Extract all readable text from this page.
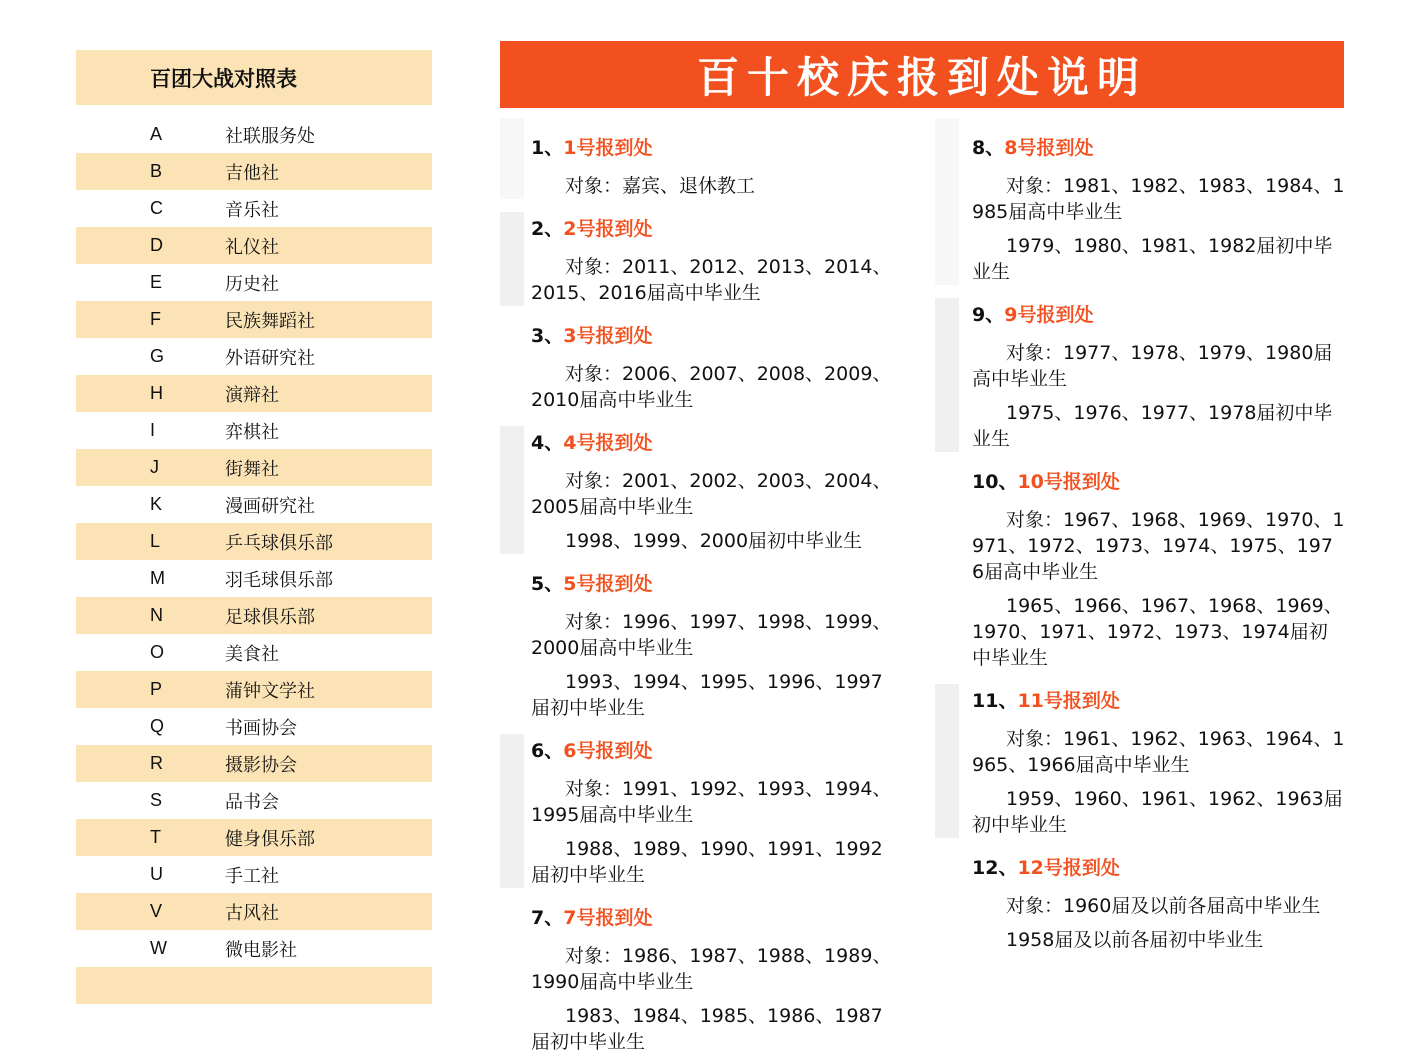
百团大战对照表
A	社联服务处
B	吉他社
C	音乐社
D	礼仪社
E	历史社
F	民族舞蹈社
G	外语研究社
H	演辩社
I	弈棋社
J	街舞社
K	漫画研究社
L	乒乓球俱乐部
M	羽毛球俱乐部
N	足球俱乐部
O	美食社
P	蒲钟文学社
Q	书画协会
R	摄影协会
S	品书会
T	健身俱乐部
U	手工社
V	古风社
W	微电影社
百十校庆报到处说明
1、1号报到处
对象：嘉宾、退休教工
2、2号报到处
对象：2011、2012、2013、2014、2015、2016届高中毕业生
3、3号报到处
对象：2006、2007、2008、2009、2010届高中毕业生
4、4号报到处
对象：2001、2002、2003、2004、2005届高中毕业生
1998、1999、2000届初中毕业生
5、5号报到处
对象：1996、1997、1998、1999、2000届高中毕业生
1993、1994、1995、1996、1997届初中毕业生
6、6号报到处
对象：1991、1992、1993、1994、1995届高中毕业生
1988、1989、1990、1991、1992届初中毕业生
7、7号报到处
对象：1986、1987、1988、1989、1990届高中毕业生
1983、1984、1985、1986、1987届初中毕业生
8、8号报到处
对象：1981、1982、1983、1984、1985届高中毕业生
1979、1980、1981、1982届初中毕业生
9、9号报到处
对象：1977、1978、1979、1980届高中毕业生
1975、1976、1977、1978届初中毕业生
10、10号报到处
对象：1967、1968、1969、1970、1971、1972、1973、1974、1975、1976届高中毕业生
1965、1966、1967、1968、1969、1970、1971、1972、1973、1974届初中毕业生
11、11号报到处
对象：1961、1962、1963、1964、1965、1966届高中毕业生
1959、1960、1961、1962、1963届初中毕业生
12、12号报到处
对象：1960届及以前各届高中毕业生
1958届及以前各届初中毕业生
